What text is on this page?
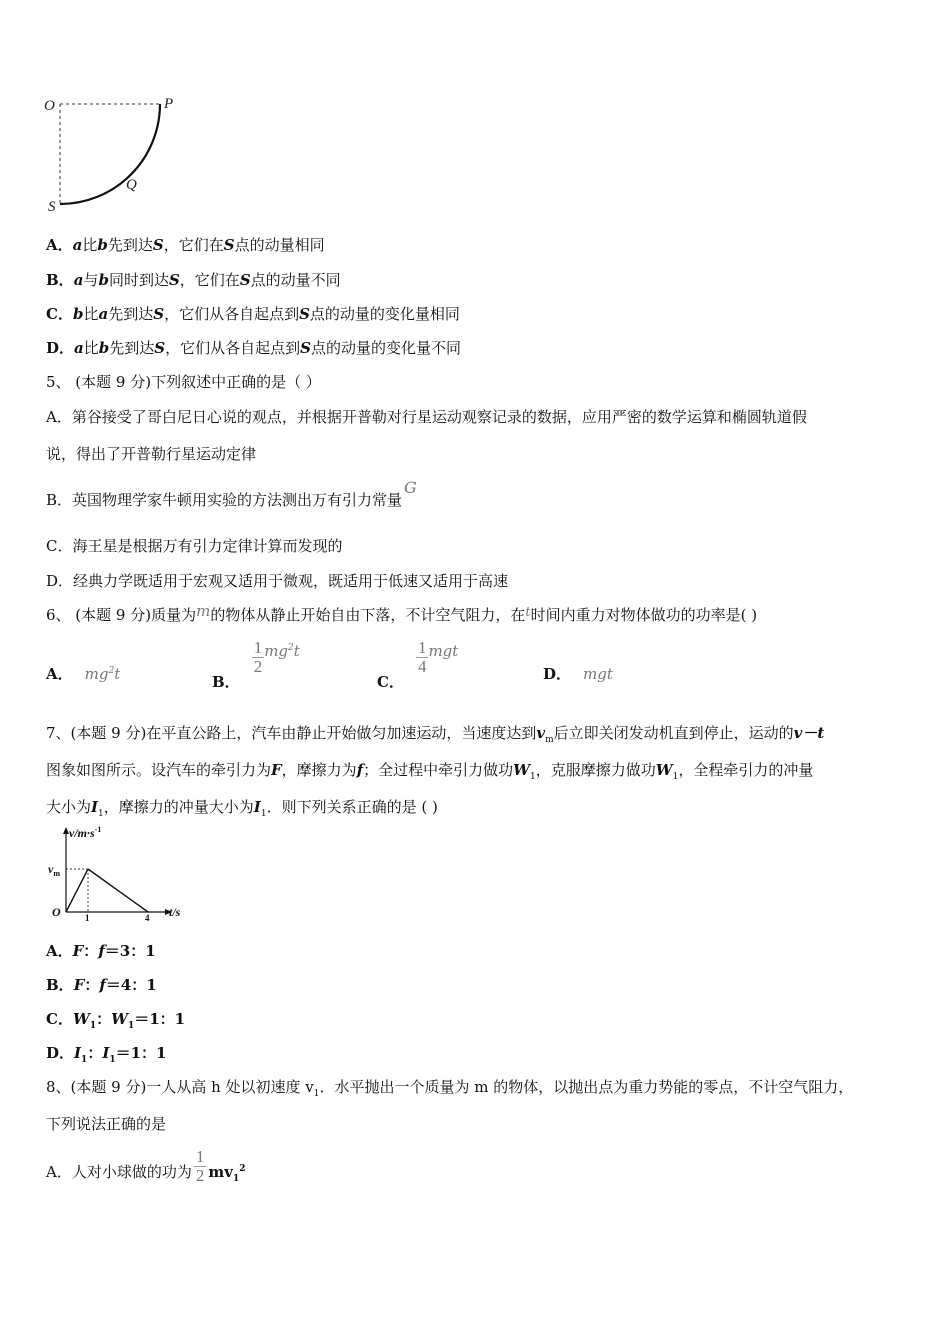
O	P
Q
S
A．a比b先到达S，它们在S点的动量相同
B．a与b同时到达S，它们在S点的动量不同
C．b比a先到达S，它们从各自起点到S点的动量的变化量相同
D．a比b先到达S，它们从各自起点到S点的动量的变化量不同
5、 (本题 9 分)下列叙述中正确的是（ ）
A．第谷接受了哥白尼日心说的观点，并根据开普勒对行星运动观察记录的数据，应用严密的数学运算和椭圆轨道假
说，得出了开普勒行星运动定律
B．英国物理学家牛顿用实验的方法测出万有引力常量G
C．海王星是根据万有引力定律计算而发现的
D．经典力学既适用于宏观又适用于微观，既适用于低速又适用于高速
6、 (本题 9 分)质量为m的物体从静止开始自由下落，不计空气阻力，在t时间内重力对物体做功的功率是( )
A． $mg^2t$	B．
$\frac{1}{2} mg^2t$
C．
$\frac{1}{4}$ mgt
D． mgt
7、(本题 9 分)在平直公路上，汽车由静止开始做匀加速运动，当速度达到$v_m$后立即关闭发动机直到停止，运动的v－t
图象如图所示。设汽车的牵引力为F，摩擦力为f；全过程中牵引力做功$W_1$，克服摩擦力做功$W_1$，全程牵引力的冲量
大小为$I_1$，摩擦力的冲量大小为$I_1$．则下列关系正确的是 ( )
$v/m\cdot s^{-1}$
$v_m$
O	1	4 t/s
A．F：f＝3：1
B．F：f＝4：1
C．$W_1$：$W_1=1$：1
D．$I_1$：$I_1=1$：1
8、(本题 9 分)一人从高 h 处以初速度 $v_1$．水平抛出一个质量为 m 的物体，以抛出点为重力势能的零点，不计空气阻力，
下列说法正确的是
A．人对小球做的功为 $\frac{1}{2} mv_1^2$
